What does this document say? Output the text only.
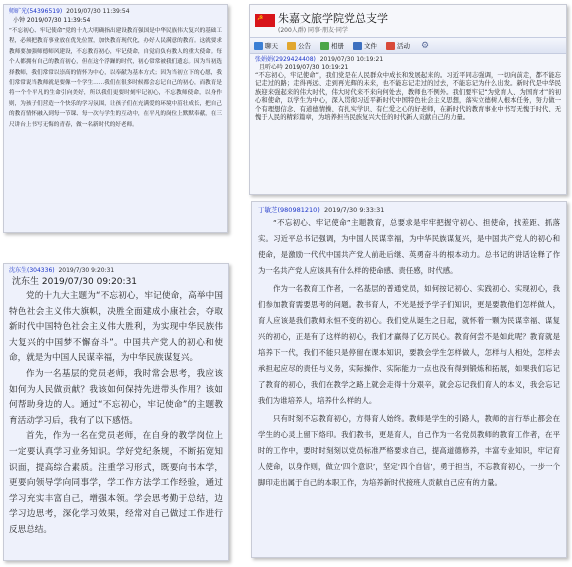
师旷光(54396519) 2019/07/30 11:39:54
小钟 2019/07/30 11:39:54

“不忘初心、牢记使命”党的十九大明确指出建设教育强国是中华民族伟大复兴的基础工程，必须把教育事业放在优先位置，加快教育现代化，办好人民满意的教育。这就要求教师要加强师德师风建设，不忘教育初心，牢记使命，自觉肩负有教人的重大使命。每个人都拥有自己的教育初心，但在这个浮躁的时代，初心常常被我们遗忘。因为当初选择教师，我们常常以崇高的情怀为中心，以奉献为基本方式；因为当初立下的心愿，我们常常说当教师就是要像一个学生……我们在很多时候都会忘记自己的初心，而教育是将一个个平凡的生命引向美好，所以我们更要时刻牢记初心，不忘教师使命，以身作则，为孩子们营造一个快乐的学习氛围，让孩子们在充满爱的环境中茁壮成长，把自己的教育情怀融入到每一节课、每一次与学生的互动中，在平凡的岗位上默默奉献，在三尺讲台上书写无悔的青春，做一名新时代的好老师。

☭ 朱嘉文旅学院党总支学
(200人群) 同事·朋友·同学
聊天	公告	相册	文件	活动 ⚙
张娟娟(2929424408) 2019/07/30 10:19:21
且听心吟 2019/07/30 10:19:21

“不忘初心，牢记使命”，我们党是在人民群众中成长和发展起来的。习近平同志强调，一切向前走，都不能忘记走过的路；走得再远、走到再光辉的未来，也不能忘记走过的过去，不能忘记为什么出发。新时代是中华民族迎来强起来的伟大时代，伟大时代来不来向何处去，教师也不例外。我们要牢记“为党育人、为国育才”的初心和使命，以学生为中心，深入贯彻习近平新时代中国特色社会主义思想，落实立德树人根本任务，努力做一个有理想信念、有道德情操、有扎实学识、有仁爱之心的好老师，在新时代的教育事业中书写无愧于时代、无愧于人民的精彩篇章，为培养担当民族复兴大任的时代新人贡献自己的力量。

丁敏芝(980981210) 2019/7/30 9:33:31

“不忘初心、牢记使命”主题教育，总要求是牢牢把握守初心、担使命，找差距、抓落实。习近平总书记强调，为中国人民谋幸福，为中华民族谋复兴，是中国共产党人的初心和使命，是激励一代代中国共产党人前赴后继、英勇奋斗的根本动力。总书记的讲话诠释了作为一名共产党人应该具有什么样的使命感、责任感，时代感。

作为一名教育工作者，一名基层的普通党员，如何按记初心、实践初心、实现初心，我们参加教育需要思考的问题。教书育人，不光是授予学子们知识，更是要教他们怎样做人，育人应该是我们教师永恒不变的初心。我们党从诞生之日起，就怀着一颗为民谋幸福、谋复兴的初心，正是有了这样的初心，我们才赢得了亿万民心。教育何尝不是如此呢？教育就是培养下一代，我们不能只是停留在课本知识，要教会学生怎样做人，怎样与人相处，怎样去承担起应尽的责任与义务，实际操作、实际能力一点也没有得到锻炼和拓展，如果我们忘记了教育的初心，我们在教学之路上就会走得十分艰辛，就会忘记我们育人的本义，我会忘记我们为谁培养人，培养什么样的人。

只有时刻不忘教育初心，方得育人始终。教师是学生的引路人，教师的言行举止都会在学生的心灵上留下烙印。我们教书，更是育人，自己作为一名党员教师的教育工作者，在平时的工作中，要时时刻刻以党员标准严格要求自己，提高道德修养，丰富专业知识，牢记育人使命，以身作则，做立‘四个意识’，坚定‘四个自信’，勇于担当，不忘教育初心，一步一个脚印走出属于自己的本职工作，为培养新时代接班人贡献自己应有的力量。

沈东生(304336) 2019/7/30 9:20:31
沈东生 2019/07/30 09:20:31

党的十九大主题为“不忘初心，牢记使命，高举中国特色社会主义伟大旗帜，决胜全面建成小康社会，夺取新时代中国特色社会主义伟大胜利，为实现中华民族伟大复兴的中国梦不懈奋斗”。中国共产党人的初心和使命，就是为中国人民谋幸福，为中华民族谋复兴。

作为一名基层的党员老师，我时常会思考，我应该如何为人民做贡献？我该如何保持先进带头作用？该如何帮助身边的人。通过“不忘初心，牢记使命”的主题教育活动学习后，我有了以下感悟。

首先，作为一名在党员老师，在自身的教学岗位上一定要认真学习业务知识。学好党纪条规，不断拓宽知识面，提高综合素质。注重学习形式，既要向书本学，更要向领导学向同事学，学工作方法学工作经验，通过学习充实丰富自己，增强本领。学会思考勤于总结，边学习边思考，深化学习效果，经常对自己做过工作进行反思总结。
